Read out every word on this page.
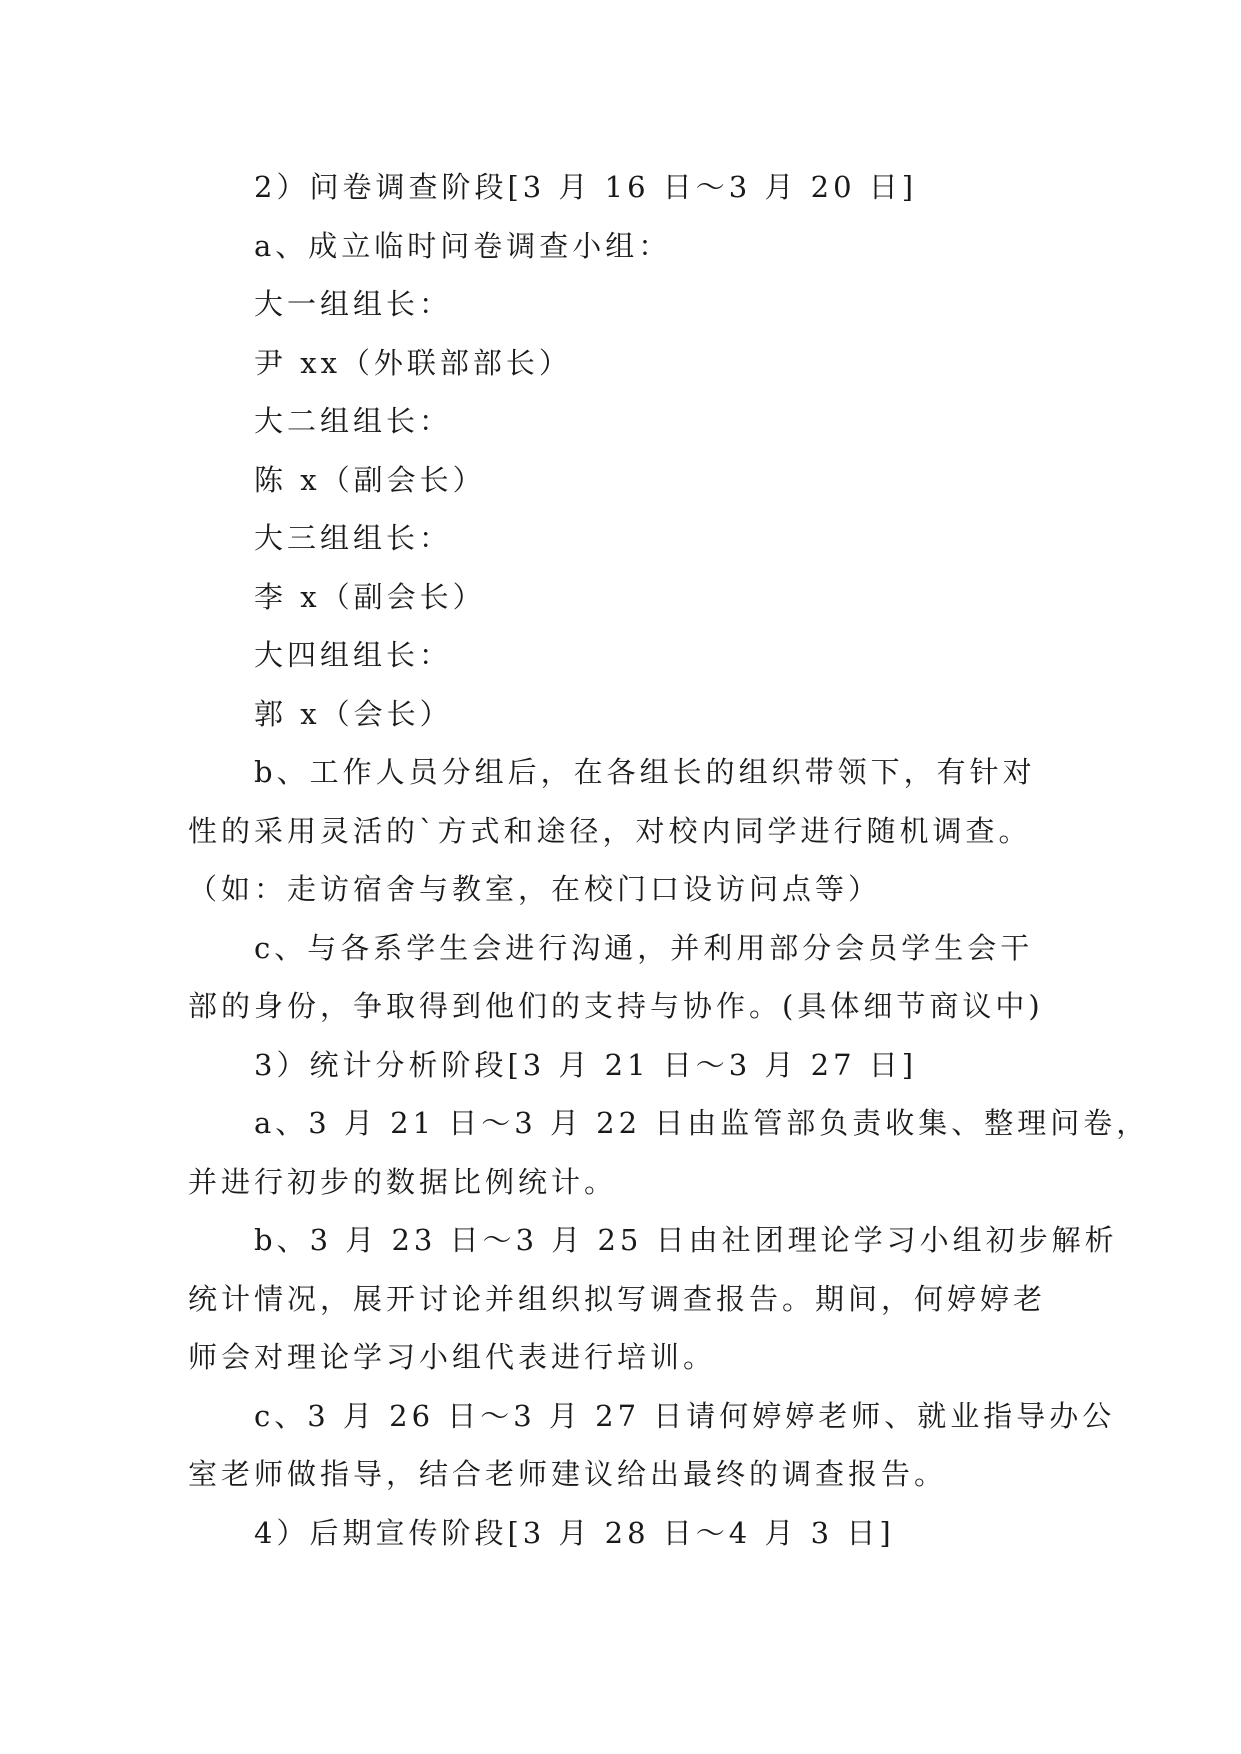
2）问卷调查阶段[3 月 16 日～3 月 20 日]

a、成立临时问卷调查小组：

大一组组长：

尹 xx（外联部部长）

大二组组长：

陈 x（副会长）

大三组组长：

李 x（副会长）

大四组组长：

郭 x（会长）

b、工作人员分组后，在各组长的组织带领下，有针对

性的采用灵活的`方式和途径，对校内同学进行随机调查。

（如：走访宿舍与教室，在校门口设访问点等）

c、与各系学生会进行沟通，并利用部分会员学生会干

部的身份，争取得到他们的支持与协作。(具体细节商议中)

3）统计分析阶段[3 月 21 日～3 月 27 日]

a、3 月 21 日～3 月 22 日由监管部负责收集、整理问卷，

并进行初步的数据比例统计。

b、3 月 23 日～3 月 25 日由社团理论学习小组初步解析

统计情况，展开讨论并组织拟写调查报告。期间，何婷婷老

师会对理论学习小组代表进行培训。

c、3 月 26 日～3 月 27 日请何婷婷老师、就业指导办公

室老师做指导，结合老师建议给出最终的调查报告。

4）后期宣传阶段[3 月 28 日～4 月 3 日]
